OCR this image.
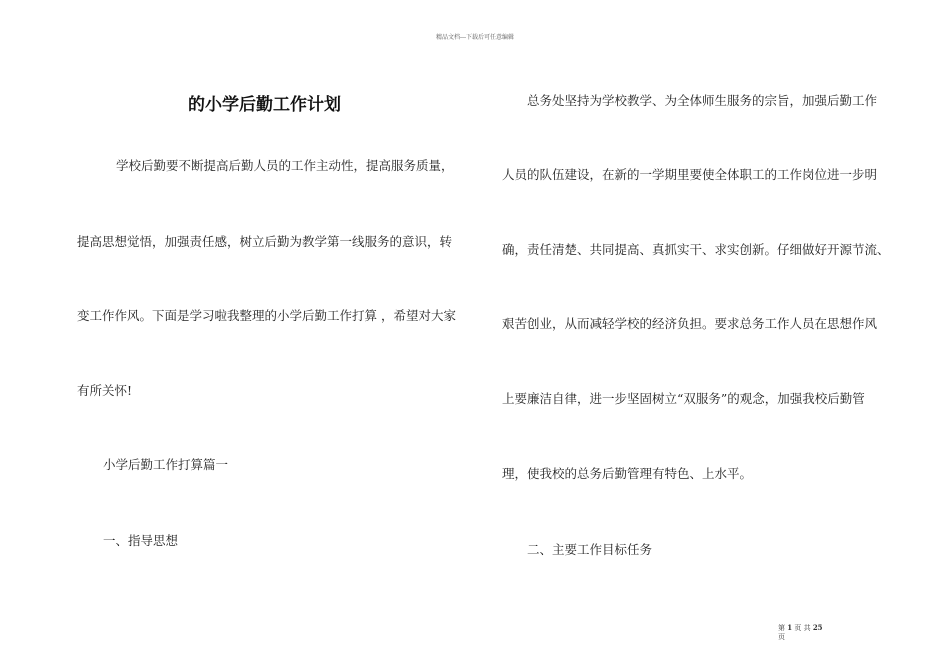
精品文档---下载后可任意编辑
的小学后勤工作计划
学校后勤要不断提高后勤人员的工作主动性，提高服务质量，
提高思想觉悟，加强责任感，树立后勤为教学第一线服务的意识，转
变工作作风。下面是学习啦我整理的小学后勤工作打算 ，希望对大家
有所关怀!
小学后勤工作打算篇一
一、指导思想
总务处坚持为学校教学、为全体师生服务的宗旨，加强后勤工作
人员的队伍建设，在新的一学期里要使全体职工的工作岗位进一步明
确，责任清楚、共同提高、真抓实干、求实创新。仔细做好开源节流、
艰苦创业，从而减轻学校的经济负担。要求总务工作人员在思想作风
上要廉洁自律，进一步坚固树立“双服务”的观念，加强我校后勤管
理，使我校的总务后勤管理有特色、上水平。
二、主要工作目标任务
第 1 页 共 25
页
